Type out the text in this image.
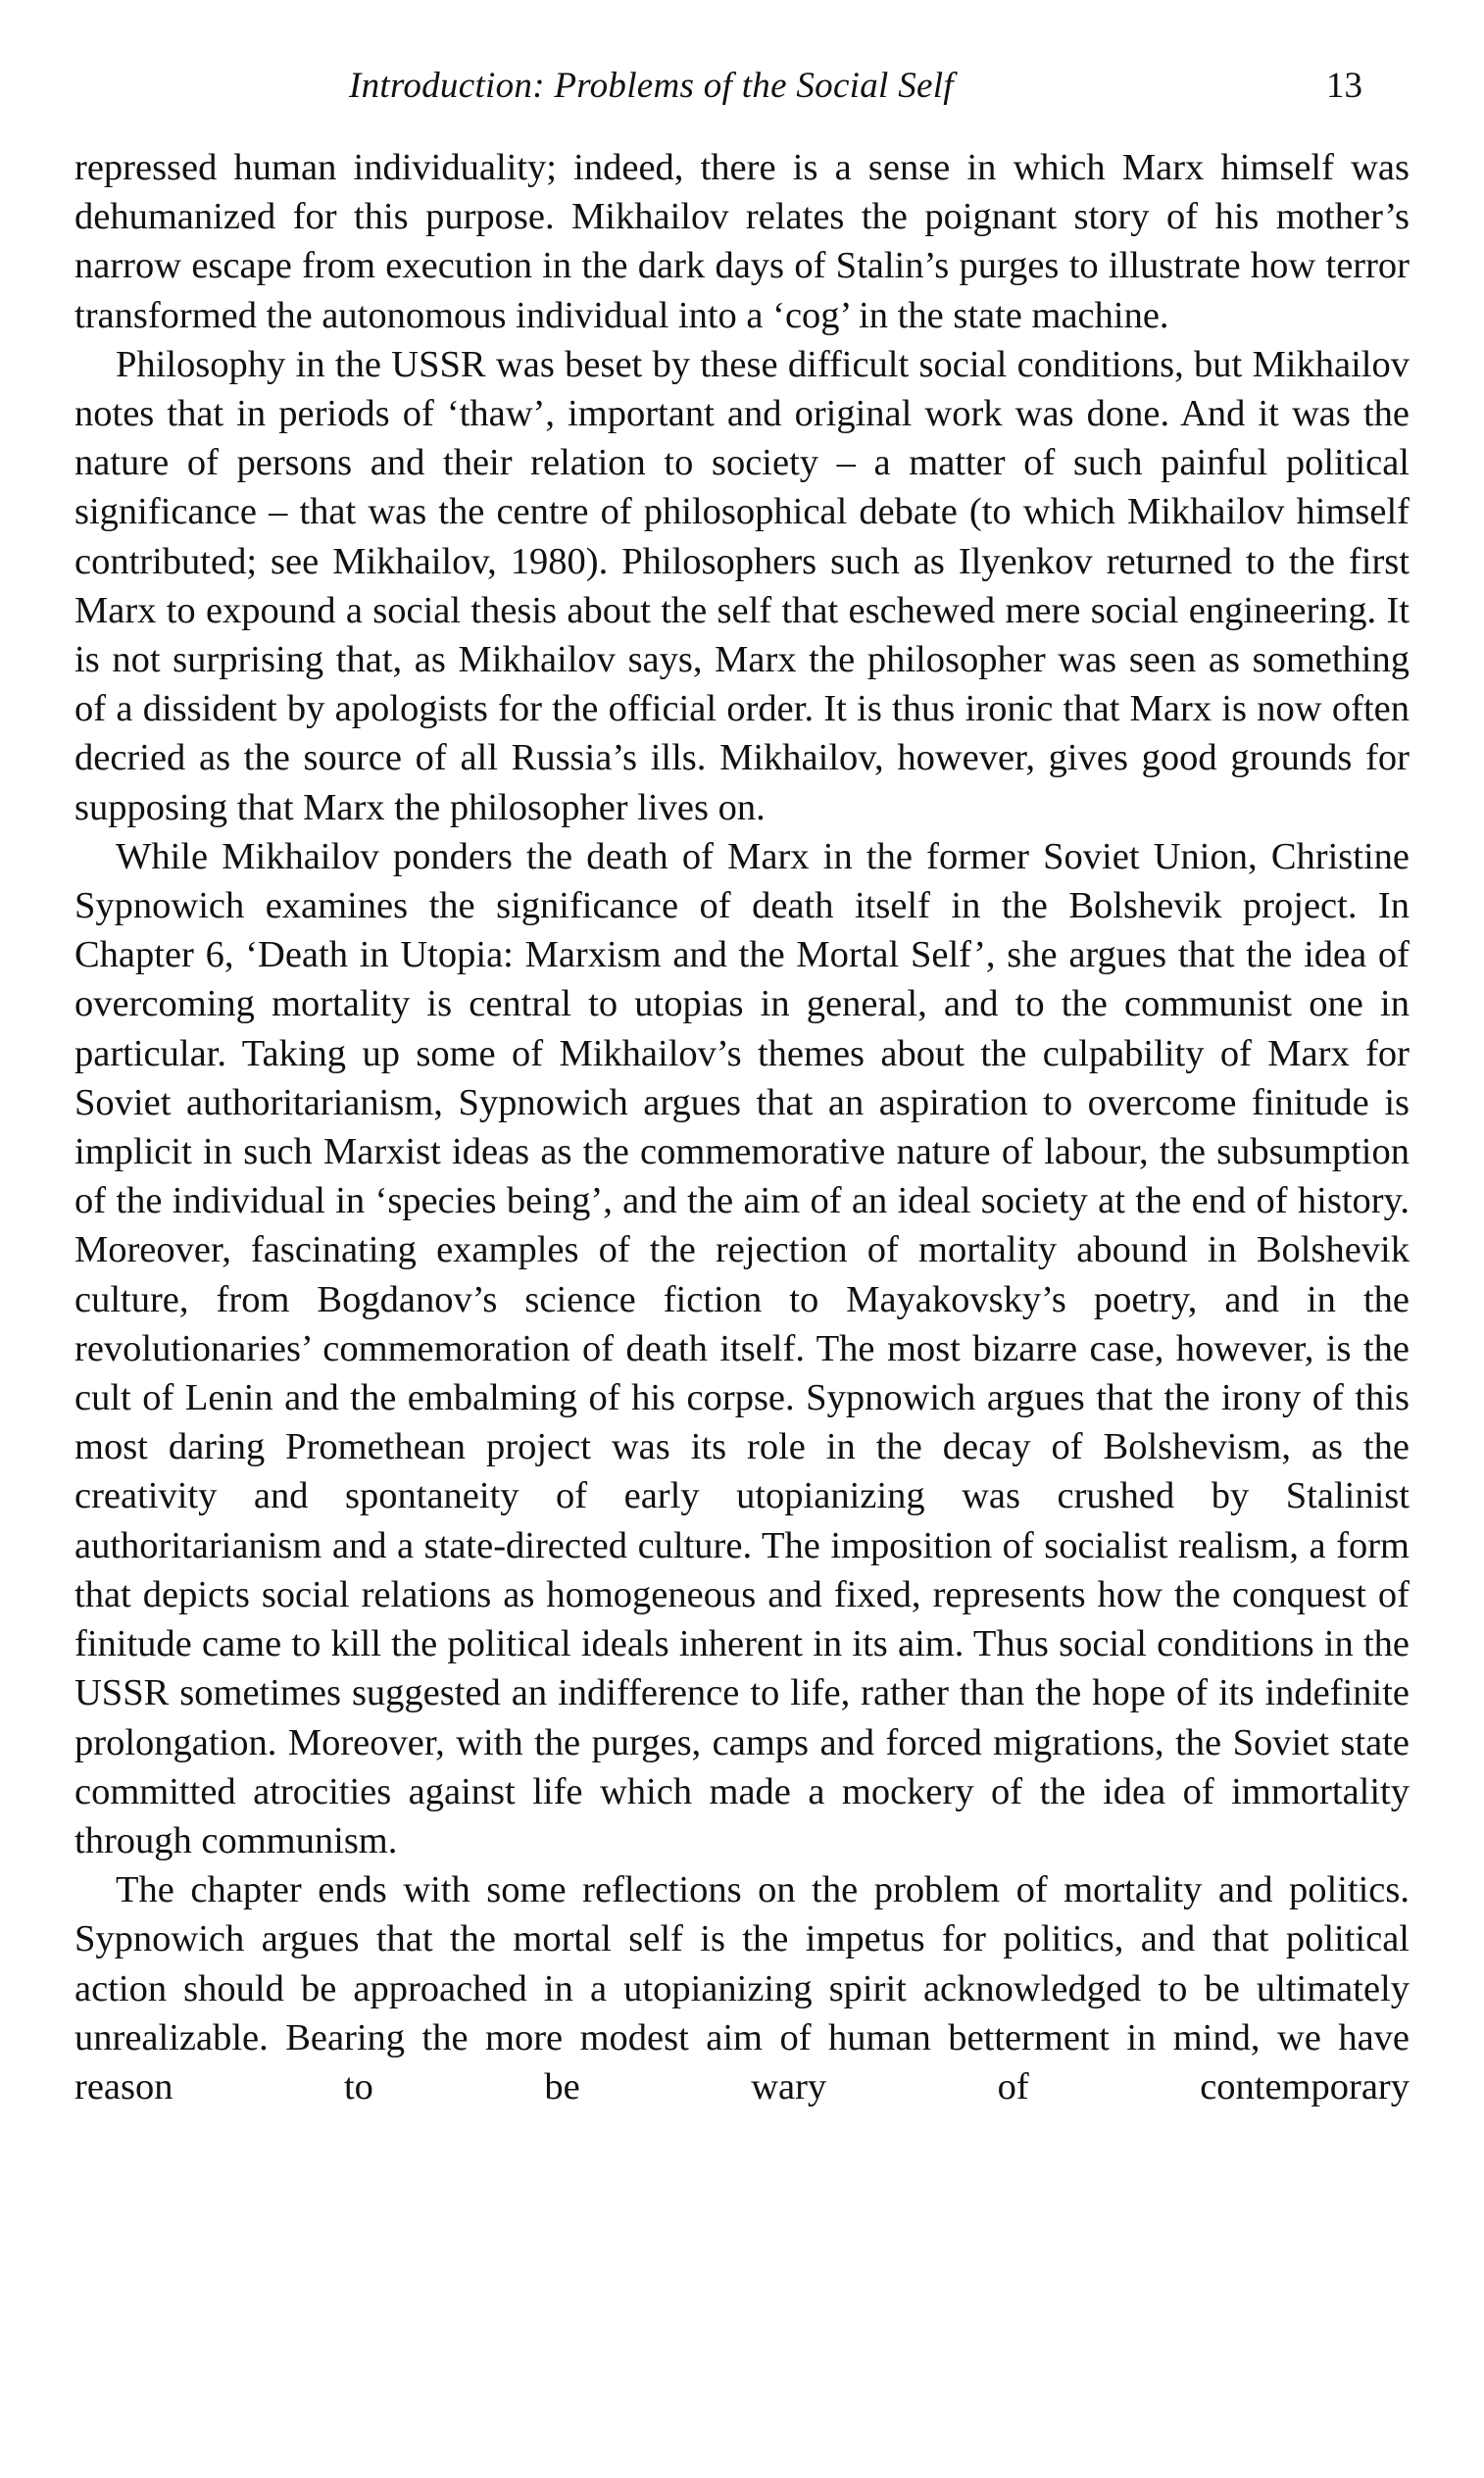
Introduction: Problems of the Social Self	13

repressed human individuality; indeed, there is a sense in which Marx himself was dehumanized for this purpose. Mikhailov relates the poignant story of his mother’s narrow escape from execution in the dark days of Stalin’s purges to illustrate how terror transformed the autonomous individual into a ‘cog’ in the state machine.

Philosophy in the USSR was beset by these difficult social conditions, but Mikhailov notes that in periods of ‘thaw’, important and original work was done. And it was the nature of persons and their relation to society – a matter of such painful political significance – that was the centre of philosophical debate (to which Mikhailov himself contributed; see Mikhailov, 1980). Philosophers such as Ilyenkov returned to the first Marx to expound a social thesis about the self that eschewed mere social engineering. It is not surprising that, as Mikhailov says, Marx the philosopher was seen as something of a dissident by apologists for the official order. It is thus ironic that Marx is now often decried as the source of all Russia’s ills. Mikhailov, however, gives good grounds for supposing that Marx the philosopher lives on.

While Mikhailov ponders the death of Marx in the former Soviet Union, Christine Sypnowich examines the significance of death itself in the Bolshevik project. In Chapter 6, ‘Death in Utopia: Marxism and the Mortal Self’, she argues that the idea of overcoming mortality is central to utopias in general, and to the communist one in particular. Taking up some of Mikhailov’s themes about the culpability of Marx for Soviet authoritarianism, Sypnowich argues that an aspiration to overcome finitude is implicit in such Marxist ideas as the commemorative nature of labour, the subsumption of the individual in ‘species being’, and the aim of an ideal society at the end of history. Moreover, fascinating examples of the rejection of mortality abound in Bolshevik culture, from Bogdanov’s science fiction to Mayakovsky’s poetry, and in the revolutionaries’ commemoration of death itself. The most bizarre case, however, is the cult of Lenin and the embalming of his corpse. Sypnowich argues that the irony of this most daring Promethean project was its role in the decay of Bolshevism, as the creativity and spontaneity of early utopianizing was crushed by Stalinist authoritarianism and a state-directed culture. The imposition of socialist realism, a form that depicts social relations as homogeneous and fixed, represents how the conquest of finitude came to kill the political ideals inherent in its aim. Thus social conditions in the USSR sometimes suggested an indifference to life, rather than the hope of its indefinite prolongation. Moreover, with the purges, camps and forced migrations, the Soviet state committed atrocities against life which made a mockery of the idea of immortality through communism.

The chapter ends with some reflections on the problem of mortality and politics. Sypnowich argues that the mortal self is the impetus for politics, and that political action should be approached in a utopianizing spirit acknowledged to be ultimately unrealizable. Bearing the more modest aim of human betterment in mind, we have reason to be wary of contemporary
